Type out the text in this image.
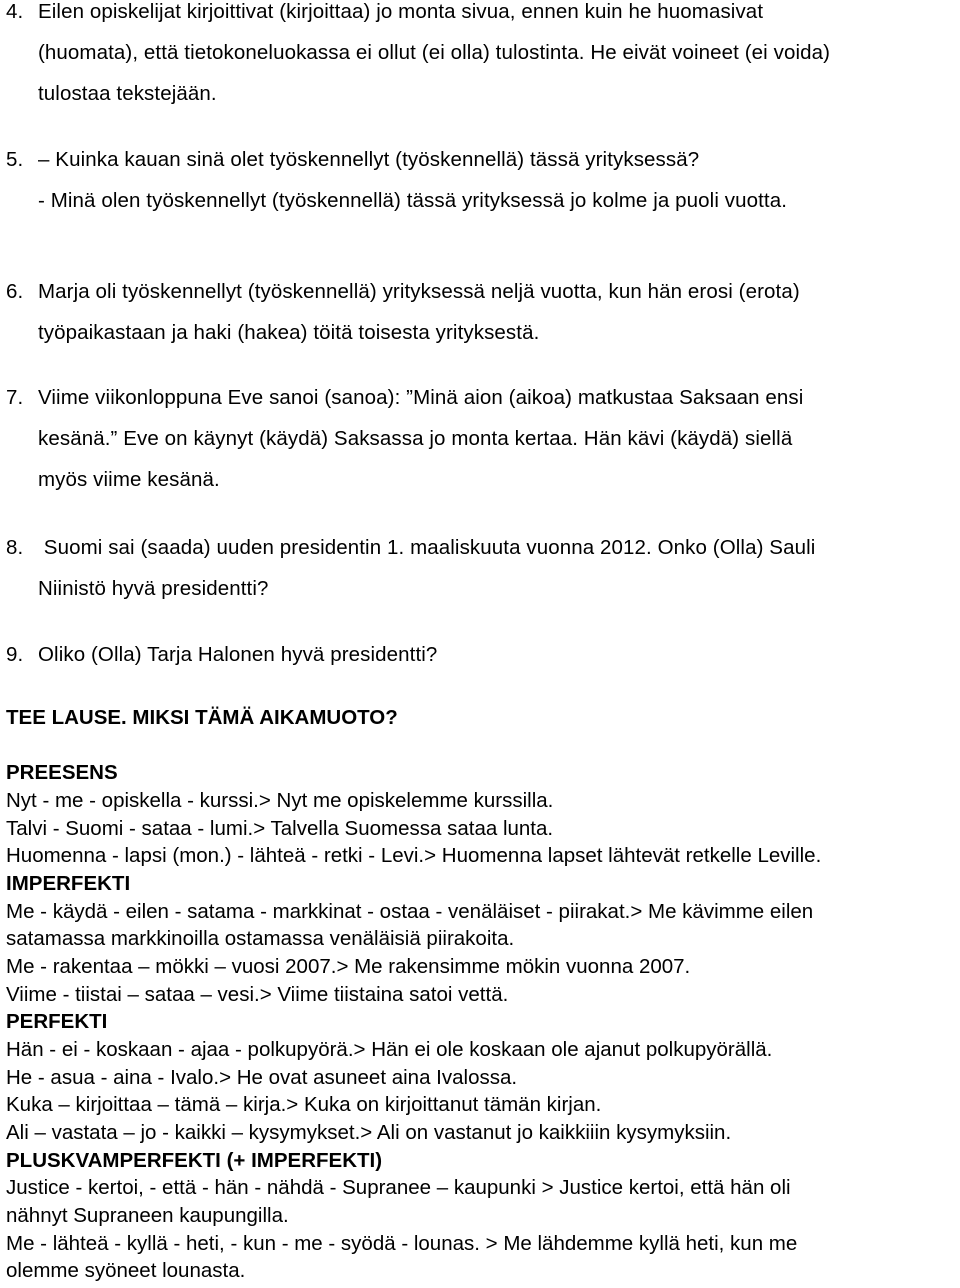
4. Eilen opiskelijat kirjoittivat (kirjoittaa) jo monta sivua, ennen kuin he huomasivat
(huomata), että tietokoneluokassa ei ollut (ei olla) tulostinta. He eivät voineet (ei voida)
tulostaa tekstejään.
5. – Kuinka kauan sinä olet työskennellyt (työskennellä) tässä yrityksessä?
- Minä olen työskennellyt (työskennellä) tässä yrityksessä jo kolme ja puoli vuotta.
6. Marja oli työskennellyt (työskennellä) yrityksessä neljä vuotta, kun hän erosi (erota)
työpaikastaan ja haki (hakea) töitä toisesta yrityksestä.
7. Viime viikonloppuna Eve sanoi (sanoa): ”Minä aion (aikoa) matkustaa Saksaan ensi
kesänä.” Eve on käynyt (käydä) Saksassa jo monta kertaa. Hän kävi (käydä) siellä
myös viime kesänä.
8. Suomi sai (saada) uuden presidentin 1. maaliskuuta vuonna 2012. Onko (Olla) Sauli
Niinistö hyvä presidentti?
9. Oliko (Olla) Tarja Halonen hyvä presidentti?
TEE LAUSE. MIKSI TÄMÄ AIKAMUOTO?
PREESENS
Nyt - me - opiskella - kurssi.> Nyt me opiskelemme kurssilla.
Talvi - Suomi - sataa - lumi.> Talvella Suomessa sataa lunta.
Huomenna - lapsi (mon.) - lähteä - retki - Levi.> Huomenna lapset lähtevät retkelle Leville.
IMPERFEKTI
Me - käydä - eilen - satama - markkinat - ostaa - venäläiset - piirakat.> Me kävimme eilen
satamassa markkinoilla ostamassa venäläisiä piirakoita.
Me - rakentaa – mökki – vuosi 2007.> Me rakensimme mökin vuonna 2007.
Viime - tiistai – sataa – vesi.> Viime tiistaina satoi vettä.
PERFEKTI
Hän - ei - koskaan - ajaa - polkupyörä.> Hän ei ole koskaan ole ajanut polkupyörällä.
He - asua - aina - Ivalo.> He ovat asuneet aina Ivalossa.
Kuka – kirjoittaa – tämä – kirja.> Kuka on kirjoittanut tämän kirjan.
Ali – vastata – jo - kaikki – kysymykset.> Ali on vastanut jo kaikkiiin kysymyksiin.
PLUSKVAMPERFEKTI (+ IMPERFEKTI)
Justice - kertoi, - että - hän - nähdä - Supranee – kaupunki > Justice kertoi, että hän oli
nähnyt Supraneen kaupungilla.
Me - lähteä - kyllä - heti, - kun - me - syödä - lounas. > Me lähdemme kyllä heti, kun me
olemme syöneet lounasta.
